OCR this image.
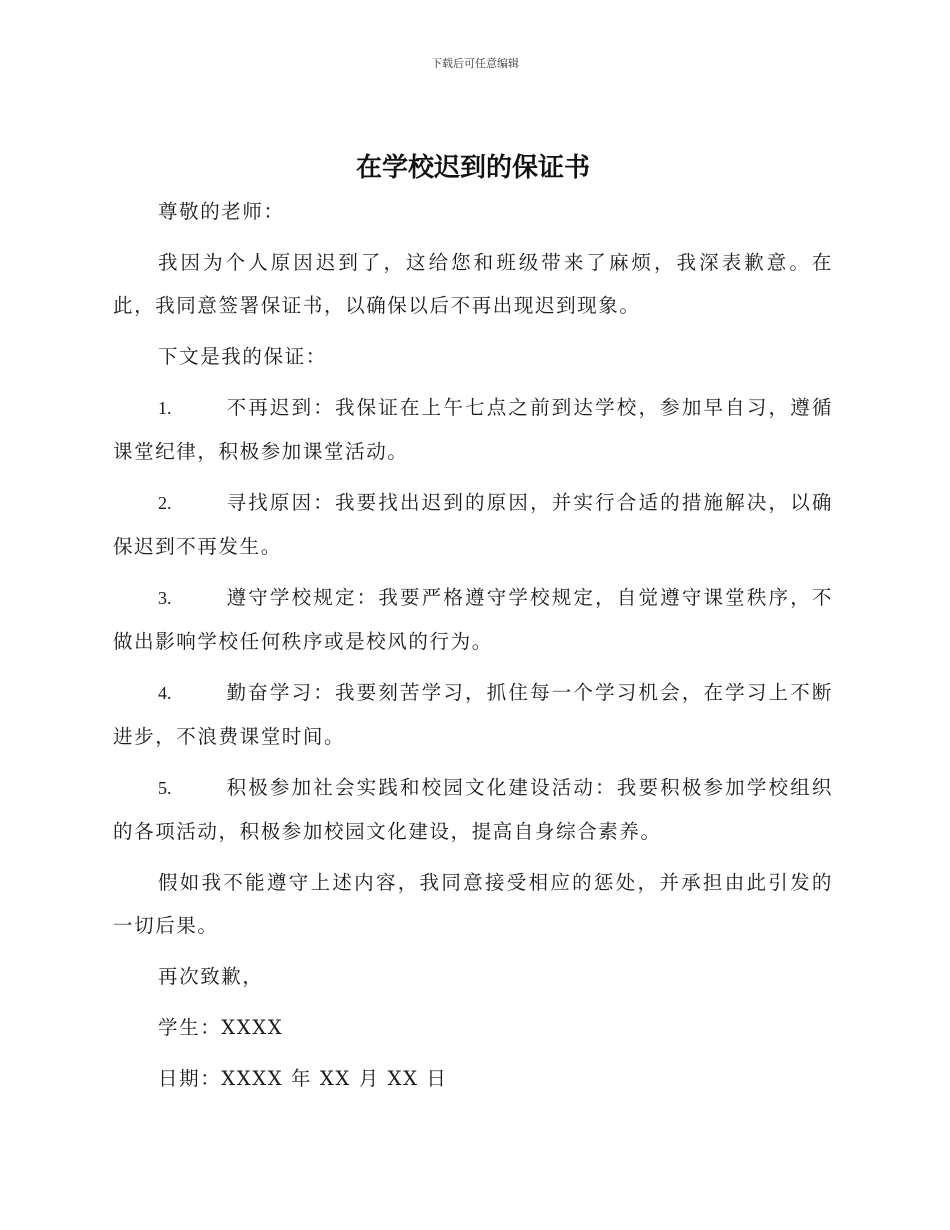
下载后可任意编辑
在学校迟到的保证书

尊敬的老师：

我因为个人原因迟到了，这给您和班级带来了麻烦，我深表歉意。在此，我同意签署保证书，以确保以后不再出现迟到现象。

下文是我的保证：

1.	不再迟到：我保证在上午七点之前到达学校，参加早自习，遵循课堂纪律，积极参加课堂活动。

2.	寻找原因：我要找出迟到的原因，并实行合适的措施解决，以确保迟到不再发生。

3.	遵守学校规定：我要严格遵守学校规定，自觉遵守课堂秩序，不做出影响学校任何秩序或是校风的行为。

4.	勤奋学习：我要刻苦学习，抓住每一个学习机会，在学习上不断进步，不浪费课堂时间。

5.	积极参加社会实践和校园文化建设活动：我要积极参加学校组织的各项活动，积极参加校园文化建设，提高自身综合素养。

假如我不能遵守上述内容，我同意接受相应的惩处，并承担由此引发的一切后果。

再次致歉，

学生：XXXX

日期：XXXX 年 XX 月 XX 日
